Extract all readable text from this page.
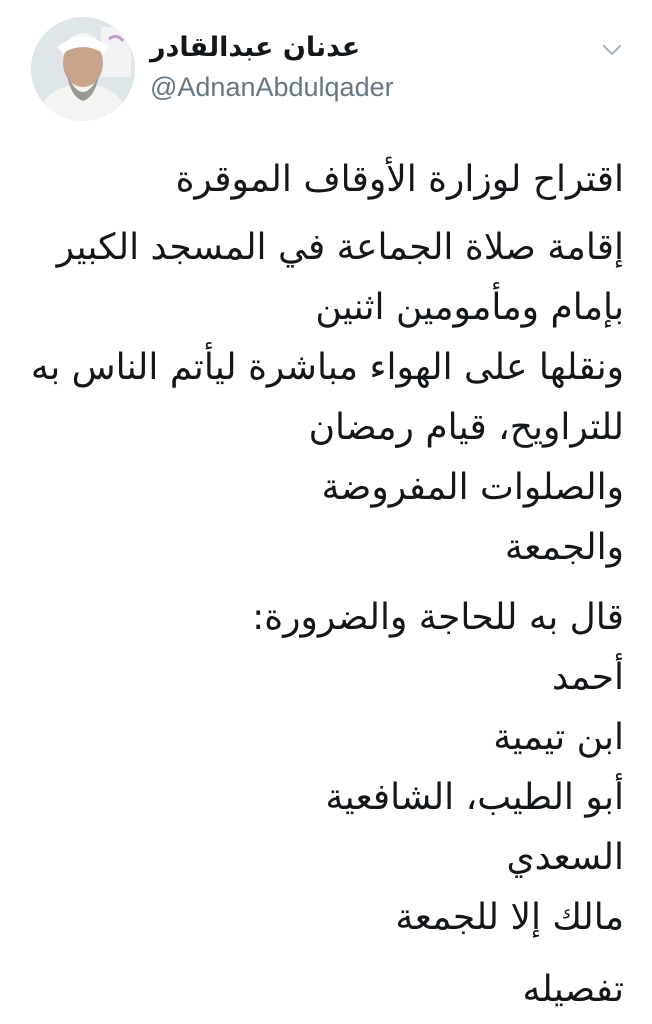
عدنان عبدالقادر
@AdnanAbdulqader

اقتراح لوزارة الأوقاف الموقرة

إقامة صلاة الجماعة في المسجد الكبير
بإمام ومأمومين اثنين
ونقلها على الهواء مباشرة ليأتم الناس به
للتراويح، قيام رمضان
والصلوات المفروضة
والجمعة

قال به للحاجة والضرورة:
أحمد
ابن تيمية
أبو الطيب، الشافعية
السعدي
مالك إلا للجمعة

تفصيله
